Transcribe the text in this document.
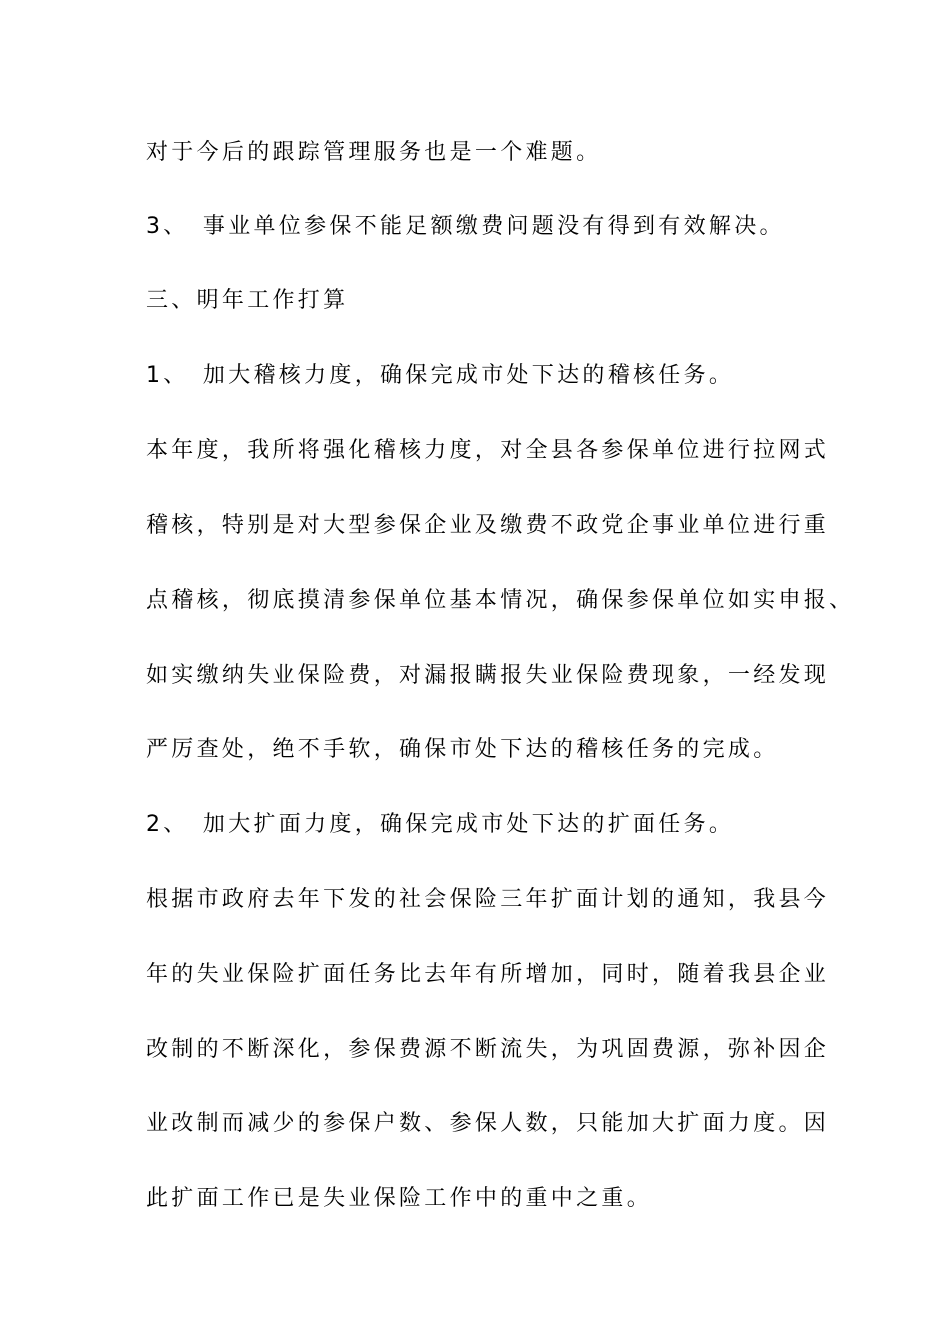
对于今后的跟踪管理服务也是一个难题。
3、　事业单位参保不能足额缴费问题没有得到有效解决。
三、明年工作打算
1、　加大稽核力度，确保完成市处下达的稽核任务。
本年度，我所将强化稽核力度，对全县各参保单位进行拉网式
稽核，特别是对大型参保企业及缴费不政党企事业单位进行重
点稽核，彻底摸清参保单位基本情况，确保参保单位如实申报、
如实缴纳失业保险费，对漏报瞒报失业保险费现象，一经发现
严厉查处，绝不手软，确保市处下达的稽核任务的完成。
2、　加大扩面力度，确保完成市处下达的扩面任务。
根据市政府去年下发的社会保险三年扩面计划的通知，我县今
年的失业保险扩面任务比去年有所增加，同时，随着我县企业
改制的不断深化，参保费源不断流失，为巩固费源，弥补因企
业改制而减少的参保户数、参保人数，只能加大扩面力度。因
此扩面工作已是失业保险工作中的重中之重。
